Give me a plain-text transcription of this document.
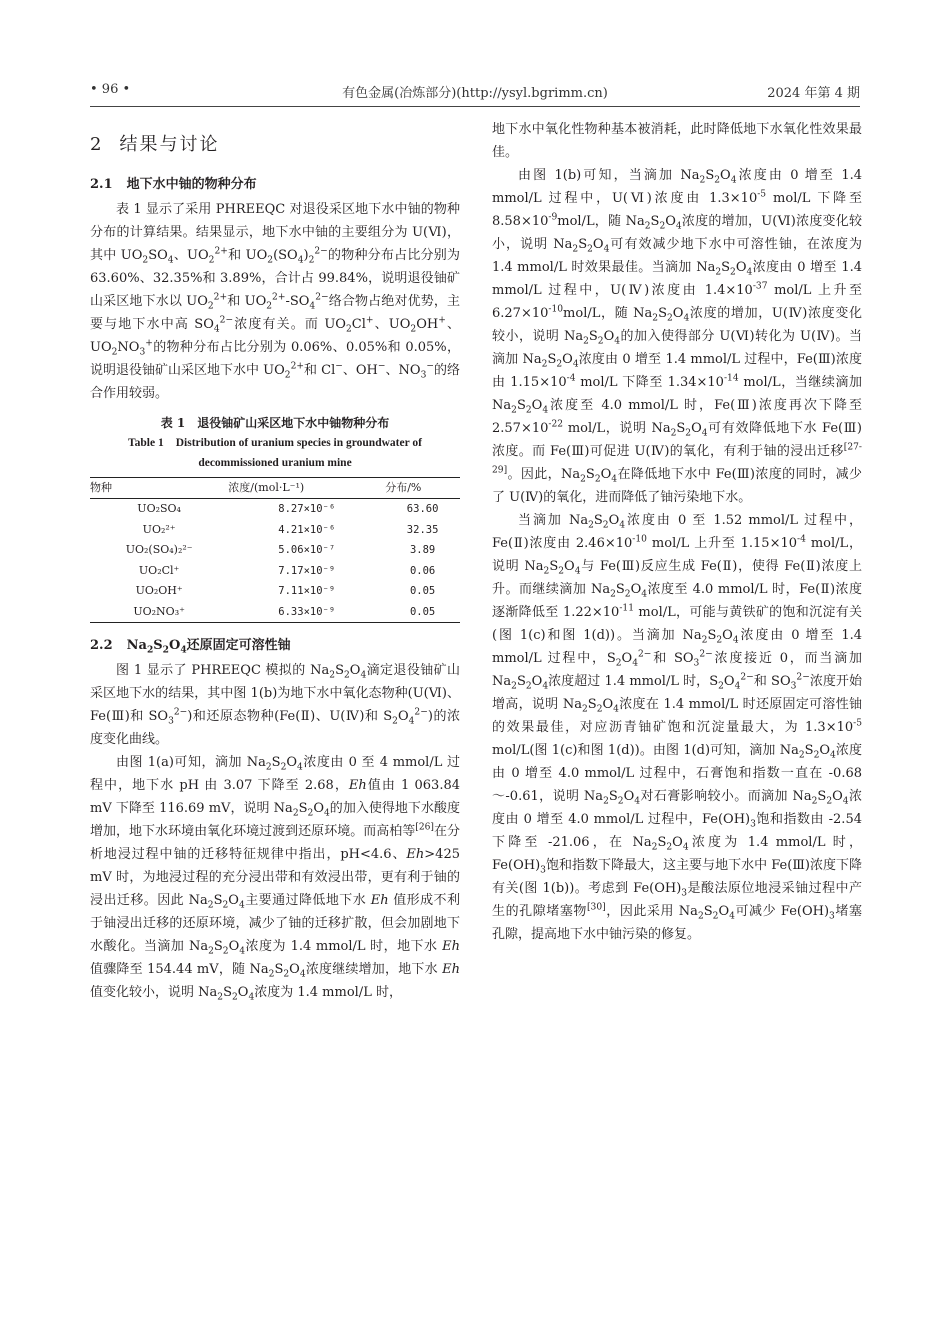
• 96 •	有色金属(冶炼部分)(http://ysyl.bgrimm.cn)	2024 年第 4 期
2 结果与讨论
2.1 地下水中铀的物种分布

表 1 显示了采用 PHREEQC 对退役采区地下水中铀的物种分布的计算结果。结果显示，地下水中铀的主要组分为 U(Ⅵ)，其中 $UO_2SO_4$、$UO_2^{2+}$和 $UO_2(SO_4)_2^{2-}$的物种分布占比分别为 63.60%、32.35%和 3.89%，合计占 99.84%，说明退役铀矿山采区地下水以 $UO_2^{2+}$和 $UO_2^{2+}-SO_4^{2-}$络合物占绝对优势，主要与地下水中高 $SO_4^{2-}$浓度有关。而 $UO_2Cl^+$、$UO_2OH^+$、$UO_2NO_3^+$的物种分布占比分别为 0.06%、0.05%和 0.05%，说明退役铀矿山采区地下水中 $UO_2^{2+}$和 Cl−、OH−、$NO_3^-$的络合作用较弱。

表 1 退役铀矿山采区地下水中铀物种分布
Table 1 Distribution of uranium species in groundwater of decommissioned uranium mine
物种	浓度/(mol·L⁻¹)	分布/%
UO₂SO₄	8.27×10⁻⁶	63.60
UO₂²⁺	4.21×10⁻⁶	32.35
UO₂(SO₄)₂²⁻	5.06×10⁻⁷	3.89
UO₂Cl⁺	7.17×10⁻⁹	0.06
UO₂OH⁺	7.11×10⁻⁹	0.05
UO₂NO₃⁺	6.33×10⁻⁹	0.05
2.2 $Na_2S_2O_4$还原固定可溶性铀

图 1 显示了 PHREEQC 模拟的 $Na_2S_2O_4$滴定退役铀矿山采区地下水的结果，其中图 1(b)为地下水中氧化态物种(U(Ⅵ)、Fe(Ⅲ)和 $SO_3^{2-}$)和还原态物种(Fe(Ⅱ)、U(Ⅳ)和 $S_2O_4^{2-}$)的浓度变化曲线。

由图 1(a)可知，滴加 $Na_2S_2O_4$浓度由 0 至 4 mmol/L 过程中，地下水 pH 由 3.07 下降至 2.68，Eh值由 1 063.84 mV 下降至 116.69 mV，说明 $Na_2S_2O_4$的加入使得地下水酸度增加，地下水环境由氧化环境过渡到还原环境。而高柏等[26]在分析地浸过程中铀的迁移特征规律中指出，pH<4.6、Eh>425 mV 时，为地浸过程的充分浸出带和有效浸出带，更有利于铀的浸出迁移。因此 $Na_2S_2O_4$主要通过降低地下水 Eh 值形成不利于铀浸出迁移的还原环境，减少了铀的迁移扩散，但会加剧地下水酸化。当滴加 $Na_2S_2O_4$浓度为 1.4 mmol/L 时，地下水 Eh 值骤降至 154.44 mV，随 $Na_2S_2O_4$浓度继续增加，地下水 Eh 值变化较小，说明 $Na_2S_2O_4$浓度为 1.4 mmol/L 时，

地下水中氧化性物种基本被消耗，此时降低地下水氧化性效果最佳。

由图 1(b)可知，当滴加 $Na_2S_2O_4$浓度由 0 增至 1.4 mmol/L 过程中，U(Ⅵ)浓度由 $1.3\times 10^{-5}$ mol/L 下降至 $8.58\times 10^{-9}mol/L$，随 $Na_2S_2O_4$浓度的增加，U(Ⅵ)浓度变化较小，说明 $Na_2S_2O_4$可有效减少地下水中可溶性铀，在浓度为 1.4 mmol/L 时效果最佳。当滴加 $Na_2S_2O_4$浓度由 0 增至 1.4 mmol/L 过程中，U(Ⅳ)浓度由 $1.4\times 10^{-37}$ mol/L 上升至 $6.27\times 10^{-10}mol/L$，随 $Na_2S_2O_4$浓度的增加，U(Ⅳ)浓度变化较小，说明 $Na_2S_2O_4$的加入使得部分 U(Ⅵ)转化为 U(Ⅳ)。当滴加 $Na_2S_2O_4$浓度由 0 增至 1.4 mmol/L 过程中，Fe(Ⅲ)浓度由 $1.15\times 10^{-4}$ mol/L 下降至 $1.34\times 10^{-14}$ mol/L，当继续滴加 $Na_2S_2O_4$浓度至 4.0 mmol/L 时，Fe(Ⅲ)浓度再次下降至 $2.57\times 10^{-22}$ mol/L，说明 $Na_2S_2O_4$可有效降低地下水 Fe(Ⅲ)浓度。而 Fe(Ⅲ)可促进 U(Ⅳ)的氧化，有利于铀的浸出迁移[27-29]。因此，$Na_2S_2O_4$在降低地下水中 Fe(Ⅲ)浓度的同时，减少了 U(Ⅳ)的氧化，进而降低了铀污染地下水。

当滴加 $Na_2S_2O_4$浓度由 0 至 1.52 mmol/L 过程中，Fe(Ⅱ)浓度由 $2.46\times 10^{-10}$ mol/L 上升至 $1.15\times 10^{-4}$ mol/L，说明 $Na_2S_2O_4$与 Fe(Ⅲ)反应生成 Fe(Ⅱ)，使得 Fe(Ⅱ)浓度上升。而继续滴加 $Na_2S_2O_4$浓度至 4.0 mmol/L 时，Fe(Ⅱ)浓度逐渐降低至 $1.22\times 10^{-11}$ mol/L，可能与黄铁矿的饱和沉淀有关(图 1(c)和图 1(d))。当滴加 $Na_2S_2O_4$浓度由 0 增至 1.4 mmol/L 过程中，$S_2O_4^{2-}$和 $SO_3^{2-}$浓度接近 0，而当滴加 $Na_2S_2O_4$浓度超过 1.4 mmol/L 时，$S_2O_4^{2-}$和 $SO_3^{2-}$浓度开始增高，说明 $Na_2S_2O_4$浓度在 1.4 mmol/L 时还原固定可溶性铀的效果最佳，对应沥青铀矿饱和沉淀量最大，为 $1.3\times 10^{-5}$ mol/L(图 1(c)和图 1(d))。由图 1(d)可知，滴加 $Na_2S_2O_4$浓度由 0 增至 4.0 mmol/L 过程中，石膏饱和指数一直在 -0.68～-0.61，说明 $Na_2S_2O_4$对石膏影响较小。而滴加 $Na_2S_2O_4$浓度由 0 增至 4.0 mmol/L 过程中，$Fe(OH)_3$饱和指数由 -2.54 下降至 -21.06，在 $Na_2S_2O_4$浓度为 1.4 mmol/L 时，$Fe(OH)_3$饱和指数下降最大，这主要与地下水中 Fe(Ⅲ)浓度下降有关(图 1(b))。考虑到 $Fe(OH)_3$是酸法原位地浸采铀过程中产生的孔隙堵塞物[30]，因此采用 $Na_2S_2O_4$可减少 $Fe(OH)_3$堵塞孔隙，提高地下水中铀污染的修复。
